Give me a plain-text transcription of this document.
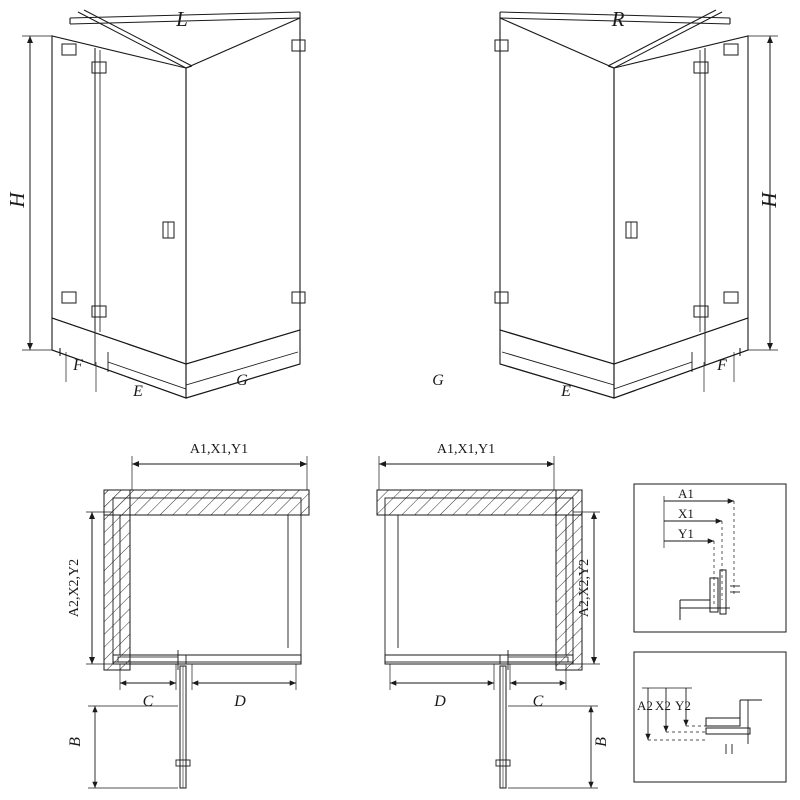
L	R
H	H
F
E
G	G
E
F
A1,X1,Y1	A1,X1,Y1
A2,X2,Y2	A2,X2,Y2
C	D	D	C
B	B
A1
X1
Y1
A2 X2 Y2
